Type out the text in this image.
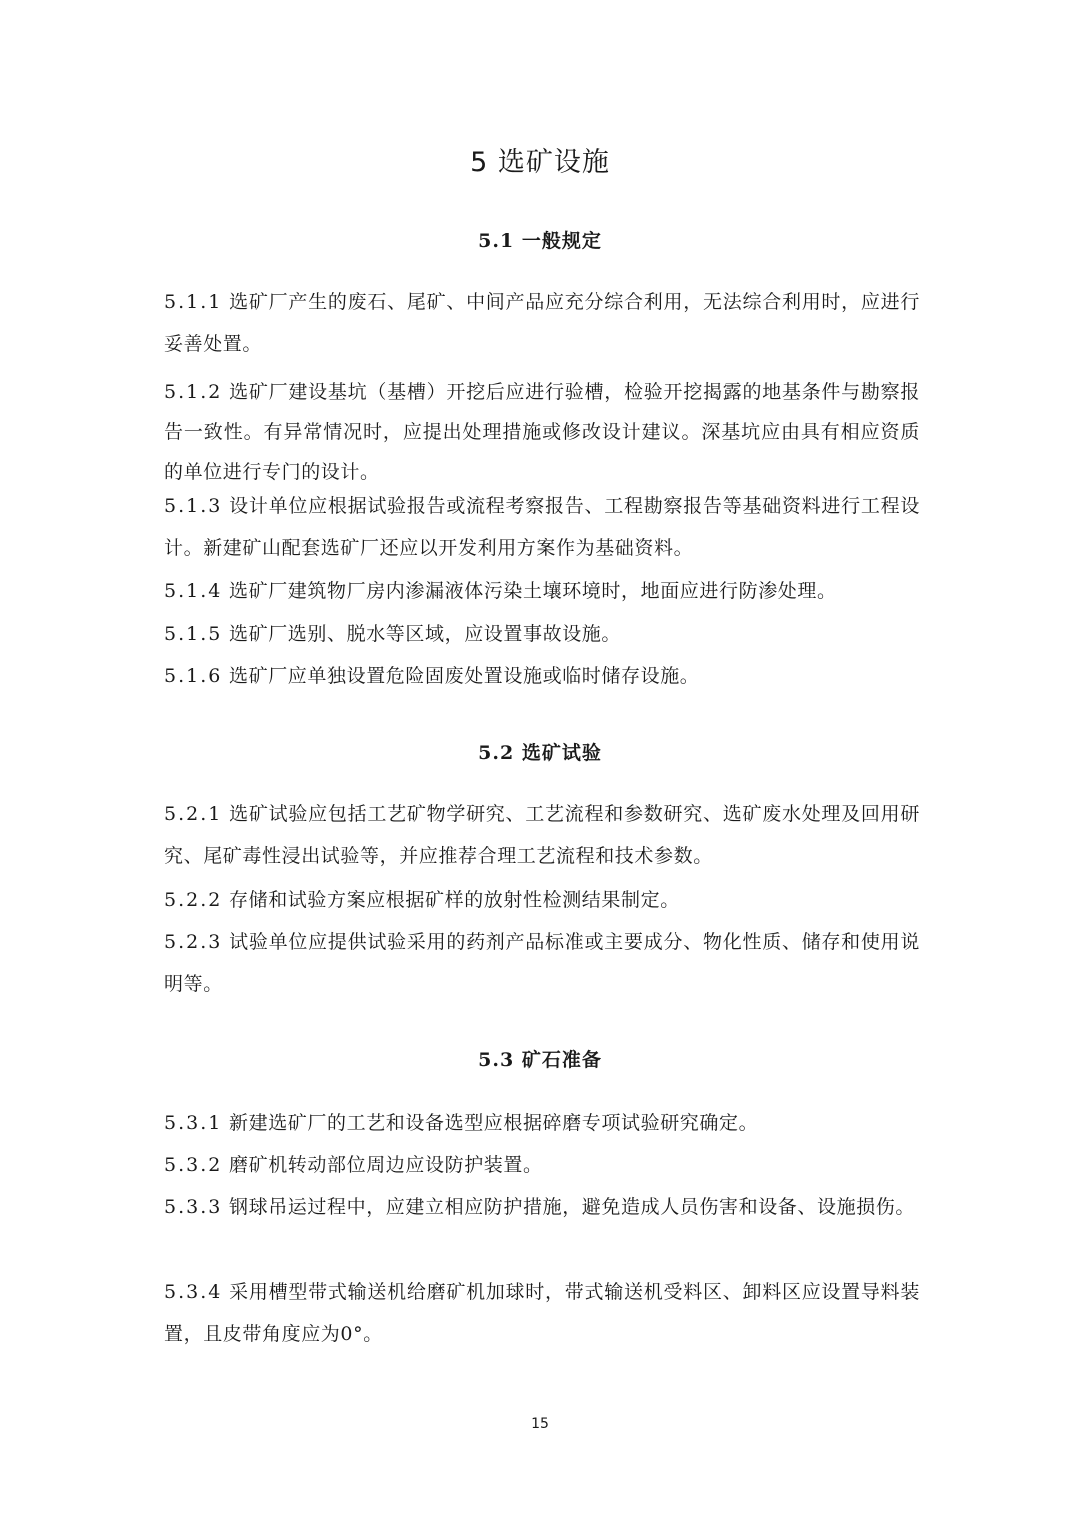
5 选矿设施
5.1 一般规定
5.1.1 选矿厂产生的废石、尾矿、中间产品应充分综合利用，无法综合利用时，应进行妥善处置。
5.1.2 选矿厂建设基坑（基槽）开挖后应进行验槽，检验开挖揭露的地基条件与勘察报告一致性。有异常情况时，应提出处理措施或修改设计建议。深基坑应由具有相应资质的单位进行专门的设计。
5.1.3 设计单位应根据试验报告或流程考察报告、工程勘察报告等基础资料进行工程设计。新建矿山配套选矿厂还应以开发利用方案作为基础资料。
5.1.4 选矿厂建筑物厂房内渗漏液体污染土壤环境时，地面应进行防渗处理。
5.1.5 选矿厂选别、脱水等区域，应设置事故设施。
5.1.6 选矿厂应单独设置危险固废处置设施或临时储存设施。
5.2 选矿试验
5.2.1 选矿试验应包括工艺矿物学研究、工艺流程和参数研究、选矿废水处理及回用研究、尾矿毒性浸出试验等，并应推荐合理工艺流程和技术参数。
5.2.2 存储和试验方案应根据矿样的放射性检测结果制定。
5.2.3 试验单位应提供试验采用的药剂产品标准或主要成分、物化性质、储存和使用说明等。
5.3 矿石准备
5.3.1 新建选矿厂的工艺和设备选型应根据碎磨专项试验研究确定。
5.3.2 磨矿机转动部位周边应设防护装置。
5.3.3 钢球吊运过程中，应建立相应防护措施，避免造成人员伤害和设备、设施损伤。
5.3.4 采用槽型带式输送机给磨矿机加球时，带式输送机受料区、卸料区应设置导料装置，且皮带角度应为0°。
15
